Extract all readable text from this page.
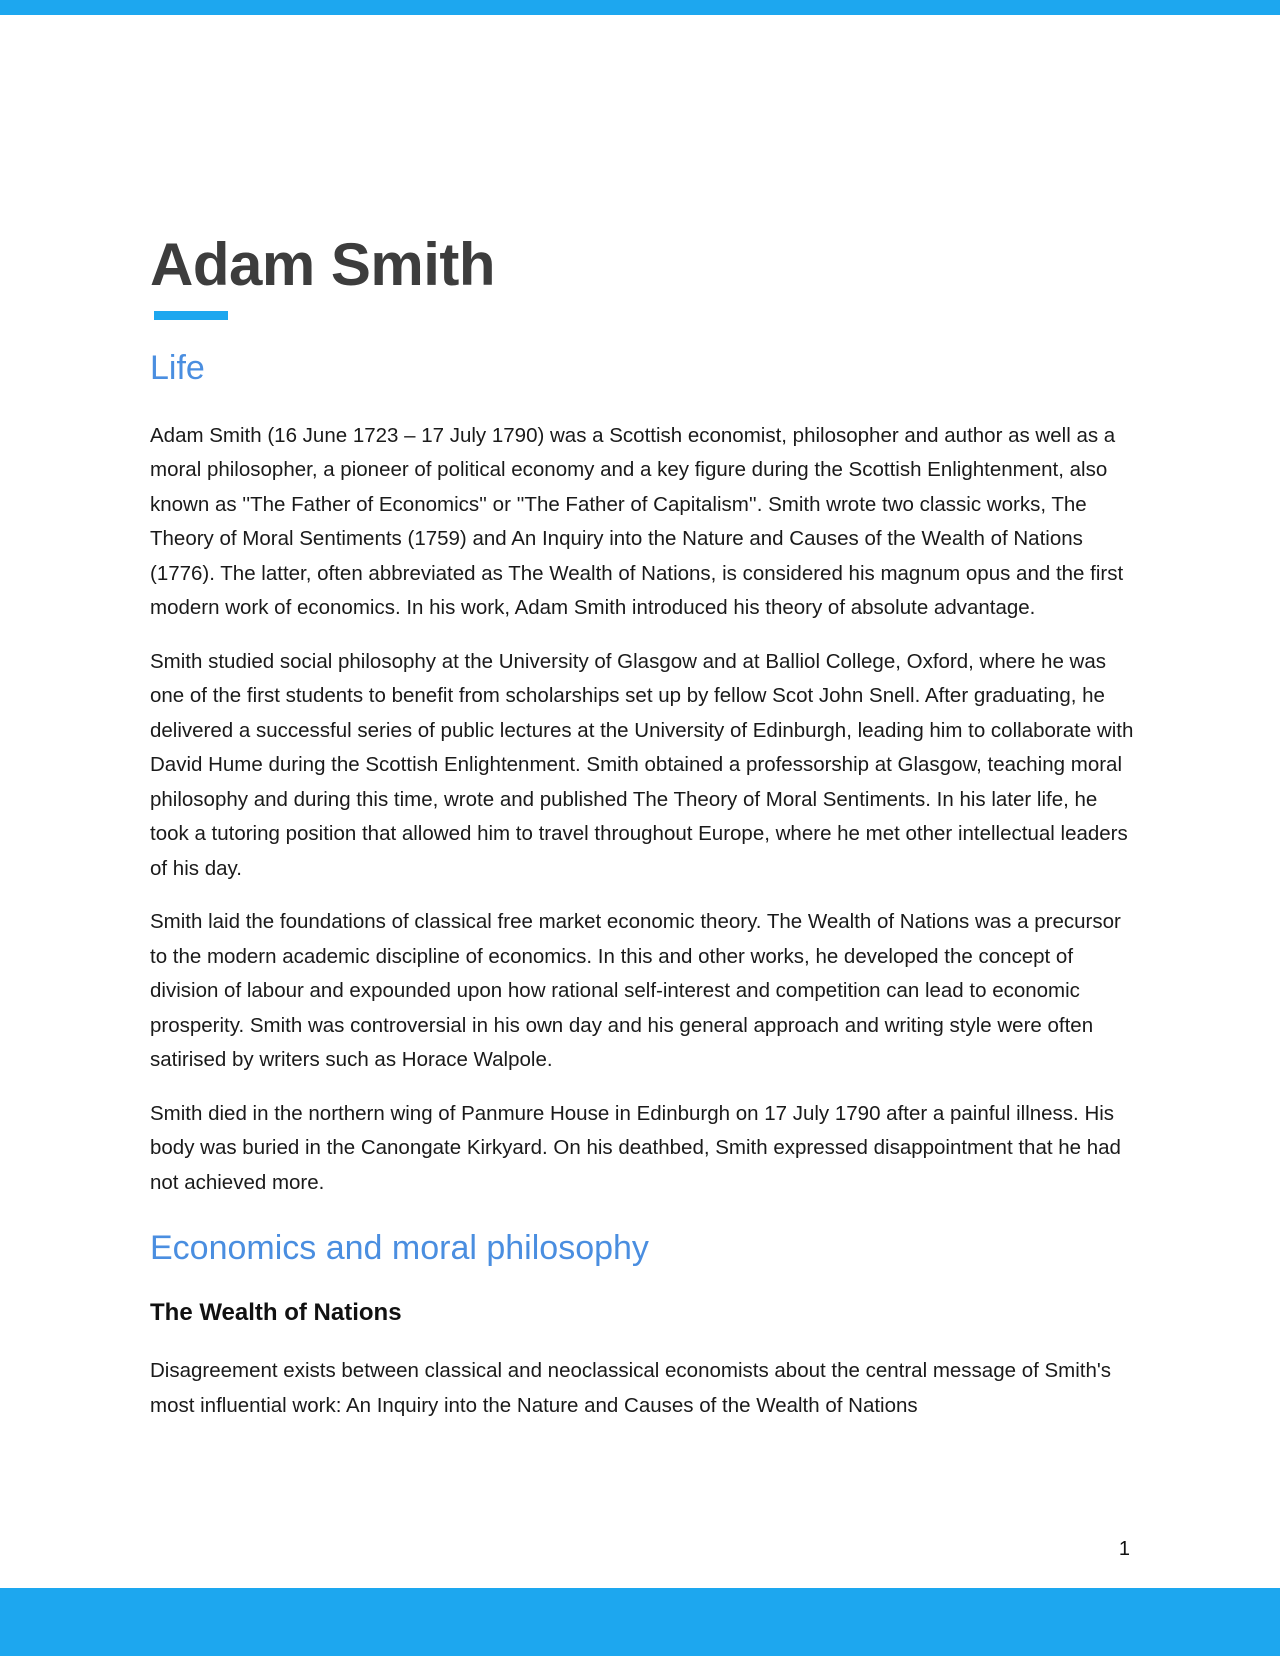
Adam Smith
Life

Adam Smith (16 June 1723 – 17 July 1790) was a Scottish economist, philosopher and author as well as a moral philosopher, a pioneer of political economy and a key figure during the Scottish Enlightenment, also known as ''The Father of Economics'' or ''The Father of Capitalism''. Smith wrote two classic works, The Theory of Moral Sentiments (1759) and An Inquiry into the Nature and Causes of the Wealth of Nations (1776). The latter, often abbreviated as The Wealth of Nations, is considered his magnum opus and the first modern work of economics. In his work, Adam Smith introduced his theory of absolute advantage.

Smith studied social philosophy at the University of Glasgow and at Balliol College, Oxford, where he was one of the first students to benefit from scholarships set up by fellow Scot John Snell. After graduating, he delivered a successful series of public lectures at the University of Edinburgh, leading him to collaborate with David Hume during the Scottish Enlightenment. Smith obtained a professorship at Glasgow, teaching moral philosophy and during this time, wrote and published The Theory of Moral Sentiments. In his later life, he took a tutoring position that allowed him to travel throughout Europe, where he met other intellectual leaders of his day.

Smith laid the foundations of classical free market economic theory. The Wealth of Nations was a precursor to the modern academic discipline of economics. In this and other works, he developed the concept of division of labour and expounded upon how rational self-interest and competition can lead to economic prosperity. Smith was controversial in his own day and his general approach and writing style were often satirised by writers such as Horace Walpole.

Smith died in the northern wing of Panmure House in Edinburgh on 17 July 1790 after a painful illness. His body was buried in the Canongate Kirkyard. On his deathbed, Smith expressed disappointment that he had not achieved more.

Economics and moral philosophy
The Wealth of Nations

Disagreement exists between classical and neoclassical economists about the central message of Smith's most influential work: An Inquiry into the Nature and Causes of the Wealth of Nations

1
